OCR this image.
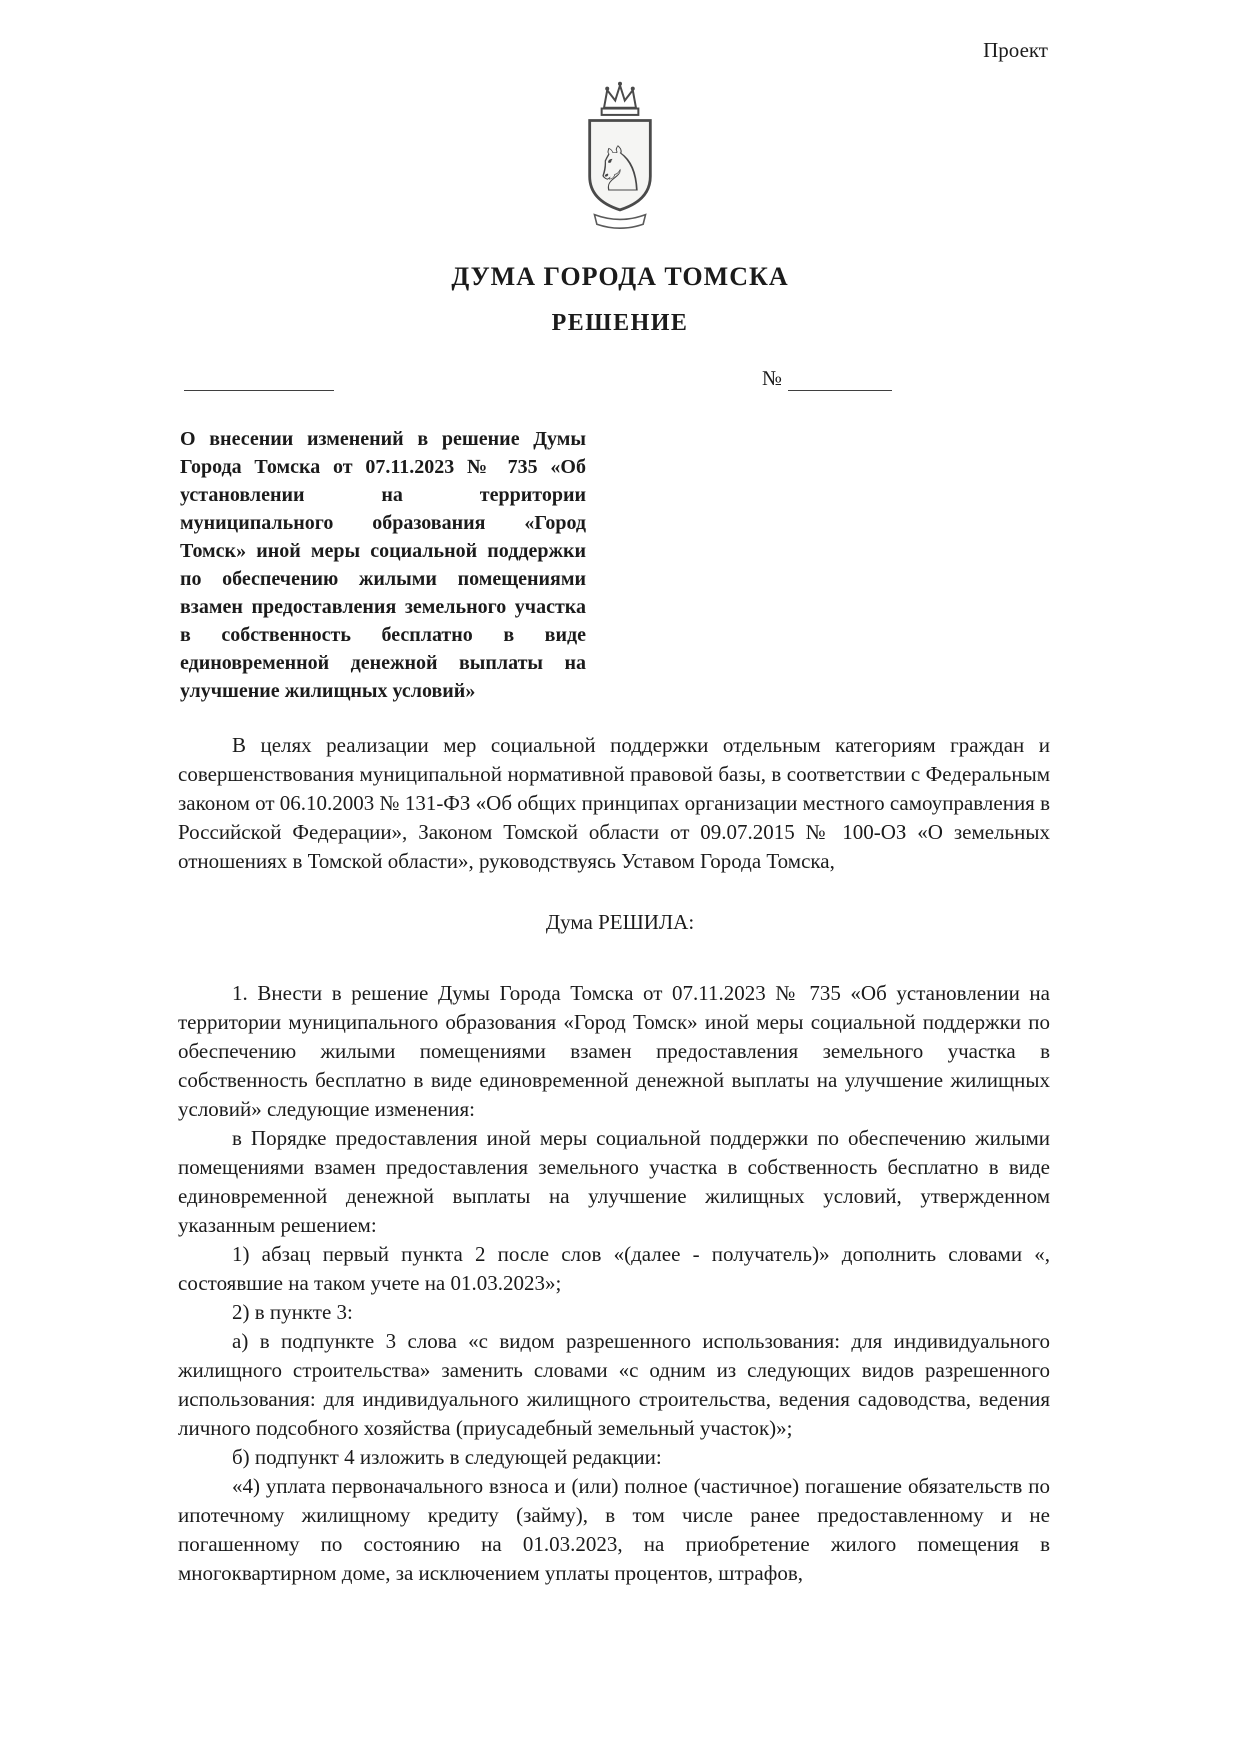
Проект
♘
ДУМА ГОРОДА ТОМСКА
РЕШЕНИЕ
№
О внесении изменений в решение Думы Города Томска от 07.11.2023 № 735 «Об установлении на территории муниципального образования «Город Томск» иной меры социальной поддержки по обеспечению жилыми помещениями взамен предоставления земельного участка в собственность бесплатно в виде единовременной денежной выплаты на улучшение жилищных условий»

В целях реализации мер социальной поддержки отдельным категориям граждан и совершенствования муниципальной нормативной правовой базы, в соответствии с Федеральным законом от 06.10.2003 № 131-ФЗ «Об общих принципах организации местного самоуправления в Российской Федерации», Законом Томской области от 09.07.2015 № 100-ОЗ «О земельных отношениях в Томской области», руководствуясь Уставом Города Томска,

Дума РЕШИЛА:

1. Внести в решение Думы Города Томска от 07.11.2023 № 735 «Об установлении на территории муниципального образования «Город Томск» иной меры социальной поддержки по обеспечению жилыми помещениями взамен предоставления земельного участка в собственность бесплатно в виде единовременной денежной выплаты на улучшение жилищных условий» следующие изменения:

в Порядке предоставления иной меры социальной поддержки по обеспечению жилыми помещениями взамен предоставления земельного участка в собственность бесплатно в виде единовременной денежной выплаты на улучшение жилищных условий, утвержденном указанным решением:

1) абзац первый пункта 2 после слов «(далее - получатель)» дополнить словами «, состоявшие на таком учете на 01.03.2023»;

2) в пункте 3:

а) в подпункте 3 слова «с видом разрешенного использования: для индивидуального жилищного строительства» заменить словами «с одним из следующих видов разрешенного использования: для индивидуального жилищного строительства, ведения садоводства, ведения личного подсобного хозяйства (приусадебный земельный участок)»;

б) подпункт 4 изложить в следующей редакции:

«4) уплата первоначального взноса и (или) полное (частичное) погашение обязательств по ипотечному жилищному кредиту (займу), в том числе ранее предоставленному и не погашенному по состоянию на 01.03.2023, на приобретение жилого помещения в многоквартирном доме, за исключением уплаты процентов, штрафов,
